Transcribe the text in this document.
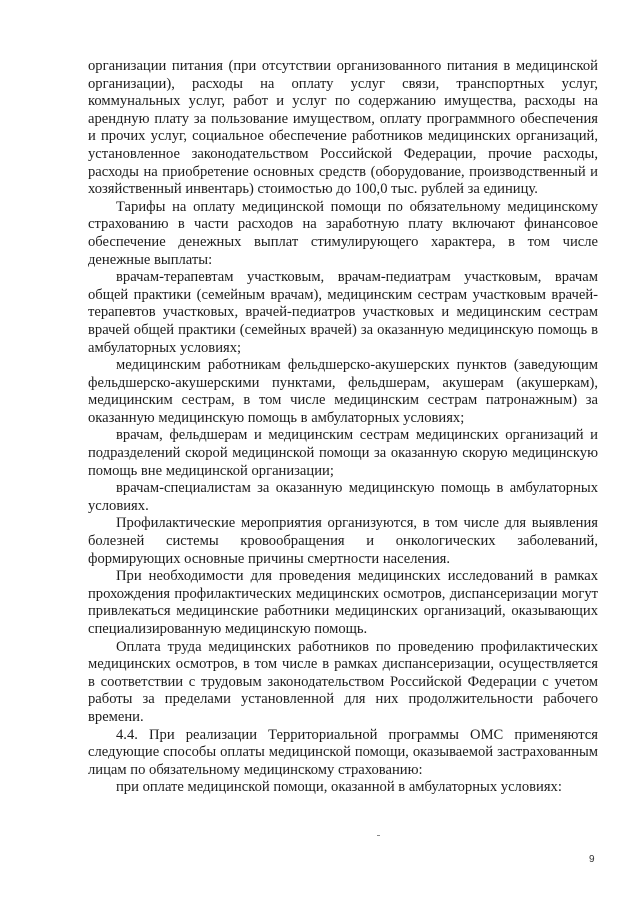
организации питания (при отсутствии организованного питания в медицинской организации), расходы на оплату услуг связи, транспортных услуг, коммунальных услуг, работ и услуг по содержанию имущества, расходы на арендную плату за пользование имуществом, оплату программного обеспечения и прочих услуг, социальное обеспечение работников медицинских организаций, установленное законодательством Российской Федерации, прочие расходы, расходы на приобретение основных средств (оборудование, производственный и хозяйственный инвентарь) стоимостью до 100,0 тыс. рублей за единицу.

Тарифы на оплату медицинской помощи по обязательному медицинскому страхованию в части расходов на заработную плату включают финансовое обеспечение денежных выплат стимулирующего характера, в том числе денежные выплаты:

врачам-терапевтам участковым, врачам-педиатрам участковым, врачам общей практики (семейным врачам), медицинским сестрам участковым врачей-терапевтов участковых, врачей-педиатров участковых и медицинским сестрам врачей общей практики (семейных врачей) за оказанную медицинскую помощь в амбулаторных условиях;

медицинским работникам фельдшерско-акушерских пунктов (заведующим фельдшерско-акушерскими пунктами, фельдшерам, акушерам (акушеркам), медицинским сестрам, в том числе медицинским сестрам патронажным) за оказанную медицинскую помощь в амбулаторных условиях;

врачам, фельдшерам и медицинским сестрам медицинских организаций и подразделений скорой медицинской помощи за оказанную скорую медицинскую помощь вне медицинской организации;

врачам-специалистам за оказанную медицинскую помощь в амбулаторных условиях.

Профилактические мероприятия организуются, в том числе для выявления болезней системы кровообращения и онкологических заболеваний, формирующих основные причины смертности населения.

При необходимости для проведения медицинских исследований в рамках прохождения профилактических медицинских осмотров, диспансеризации могут привлекаться медицинские работники медицинских организаций, оказывающих специализированную медицинскую помощь.

Оплата труда медицинских работников по проведению профилактических медицинских осмотров, в том числе в рамках диспансеризации, осуществляется в соответствии с трудовым законодательством Российской Федерации с учетом работы за пределами установленной для них продолжительности рабочего времени.

4.4. При реализации Территориальной программы ОМС применяются следующие способы оплаты медицинской помощи, оказываемой застрахованным лицам по обязательному медицинскому страхованию:

при оплате медицинской помощи, оказанной в амбулаторных условиях:

9
